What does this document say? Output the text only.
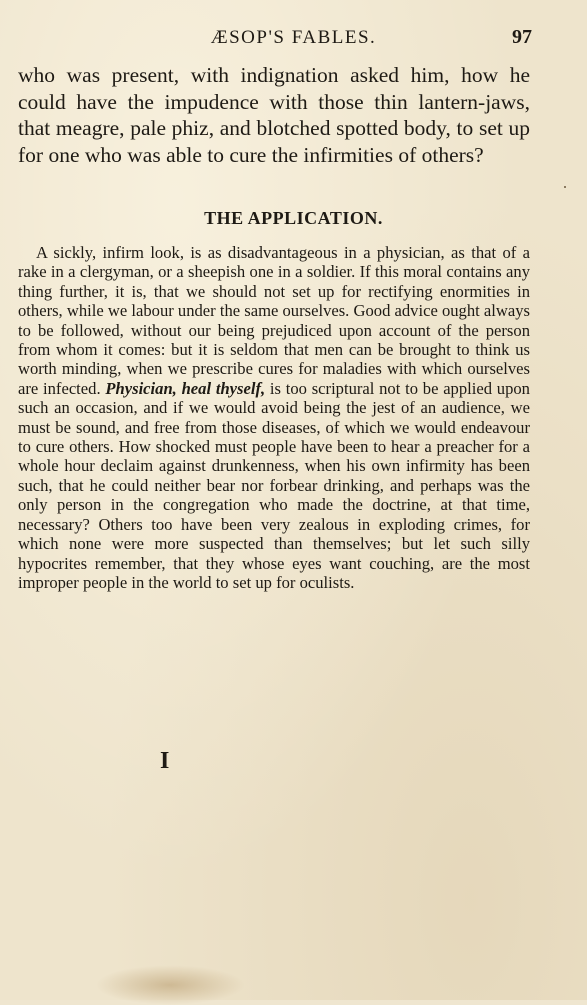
ÆSOP'S FABLES.	97

who was present, with indignation asked him, how he could have the impudence with those thin lantern-jaws, that meagre, pale phiz, and blotched spotted body, to set up for one who was able to cure the infirmities of others?

THE APPLICATION.

A sickly, infirm look, is as disadvantageous in a physician, as that of a rake in a clergyman, or a sheepish one in a soldier. If this moral contains any thing further, it is, that we should not set up for rectifying enormities in others, while we labour under the same ourselves. Good advice ought always to be followed, without our being prejudiced upon account of the person from whom it comes: but it is seldom that men can be brought to think us worth minding, when we prescribe cures for maladies with which ourselves are infected. Physician, heal thyself, is too scriptural not to be applied upon such an occasion, and if we would avoid being the jest of an audience, we must be sound, and free from those diseases, of which we would endeavour to cure others. How shocked must people have been to hear a preacher for a whole hour declaim against drunkenness, when his own infirmity has been such, that he could neither bear nor forbear drinking, and perhaps was the only person in the congregation who made the doctrine, at that time, necessary? Others too have been very zealous in exploding crimes, for which none were more suspected than themselves; but let such silly hypocrites remember, that they whose eyes want couching, are the most improper people in the world to set up for oculists.

I
